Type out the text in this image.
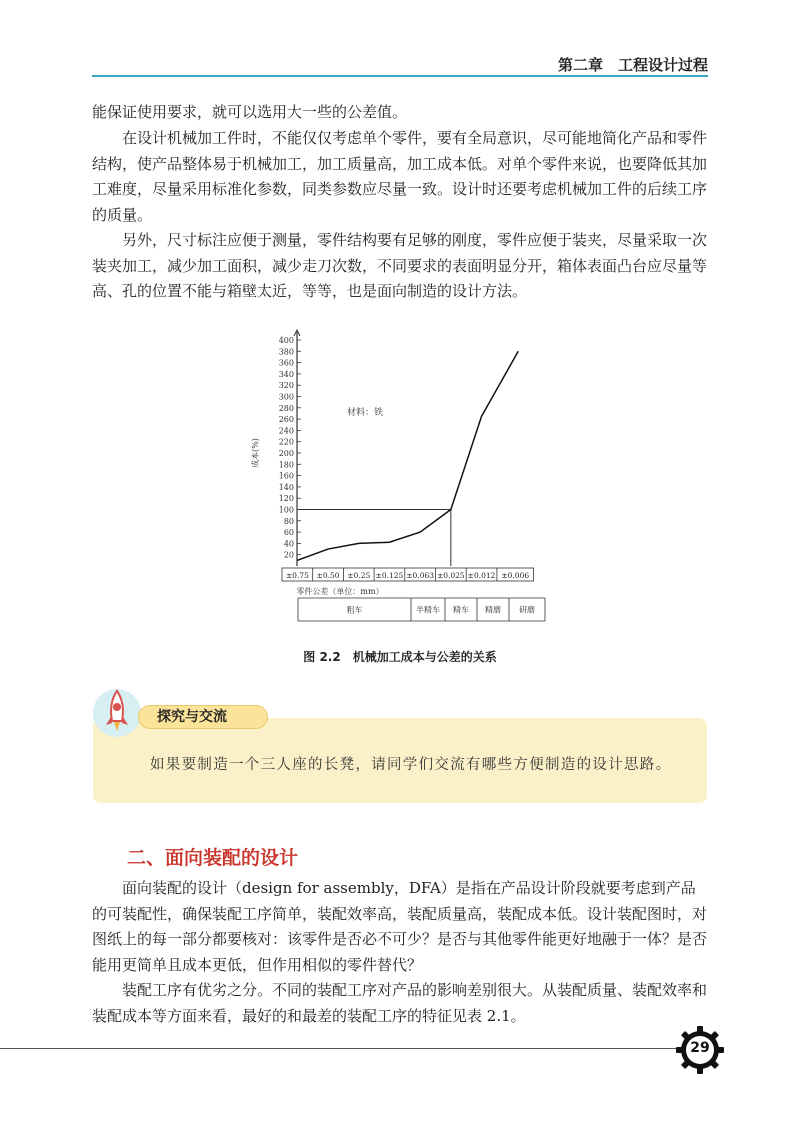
第二章　工程设计过程

能保证使用要求，就可以选用大一些的公差值。

在设计机械加工件时，不能仅仅考虑单个零件，要有全局意识，尽可能地简化产品和零件结构，使产品整体易于机械加工，加工质量高，加工成本低。对单个零件来说，也要降低其加工难度，尽量采用标准化参数，同类参数应尽量一致。设计时还要考虑机械加工件的后续工序的质量。

另外，尺寸标注应便于测量，零件结构要有足够的刚度，零件应便于装夹，尽量采取一次装夹加工，减少加工面积，减少走刀次数，不同要求的表面明显分开，箱体表面凸台应尽量等高、孔的位置不能与箱壁太近，等等，也是面向制造的设计方法。

20
40
60
80
100
120
140
160
180
200
220
240
260
280
300
320
340
360
380
400
成本(%)
材料：铁
±0.75 ±0.50 ±0.25 ±0.125 ±0.063 ±0.025 ±0.012 ±0.006
零件公差（单位：mm）
粗车	半精车 精车 精磨 研磨
图 2.2　机械加工成本与公差的关系
探究与交流
如果要制造一个三人座的长凳，请同学们交流有哪些方便制造的设计思路。
二、面向装配的设计

面向装配的设计（design for assembly，DFA）是指在产品设计阶段就要考虑到产品的可装配性，确保装配工序简单，装配效率高，装配质量高，装配成本低。设计装配图时，对图纸上的每一部分都要核对：该零件是否必不可少？是否与其他零件能更好地融于一体？是否能用更简单且成本更低，但作用相似的零件替代？

装配工序有优劣之分。不同的装配工序对产品的影响差别很大。从装配质量、装配效率和装配成本等方面来看，最好的和最差的装配工序的特征见表 2.1。

29
